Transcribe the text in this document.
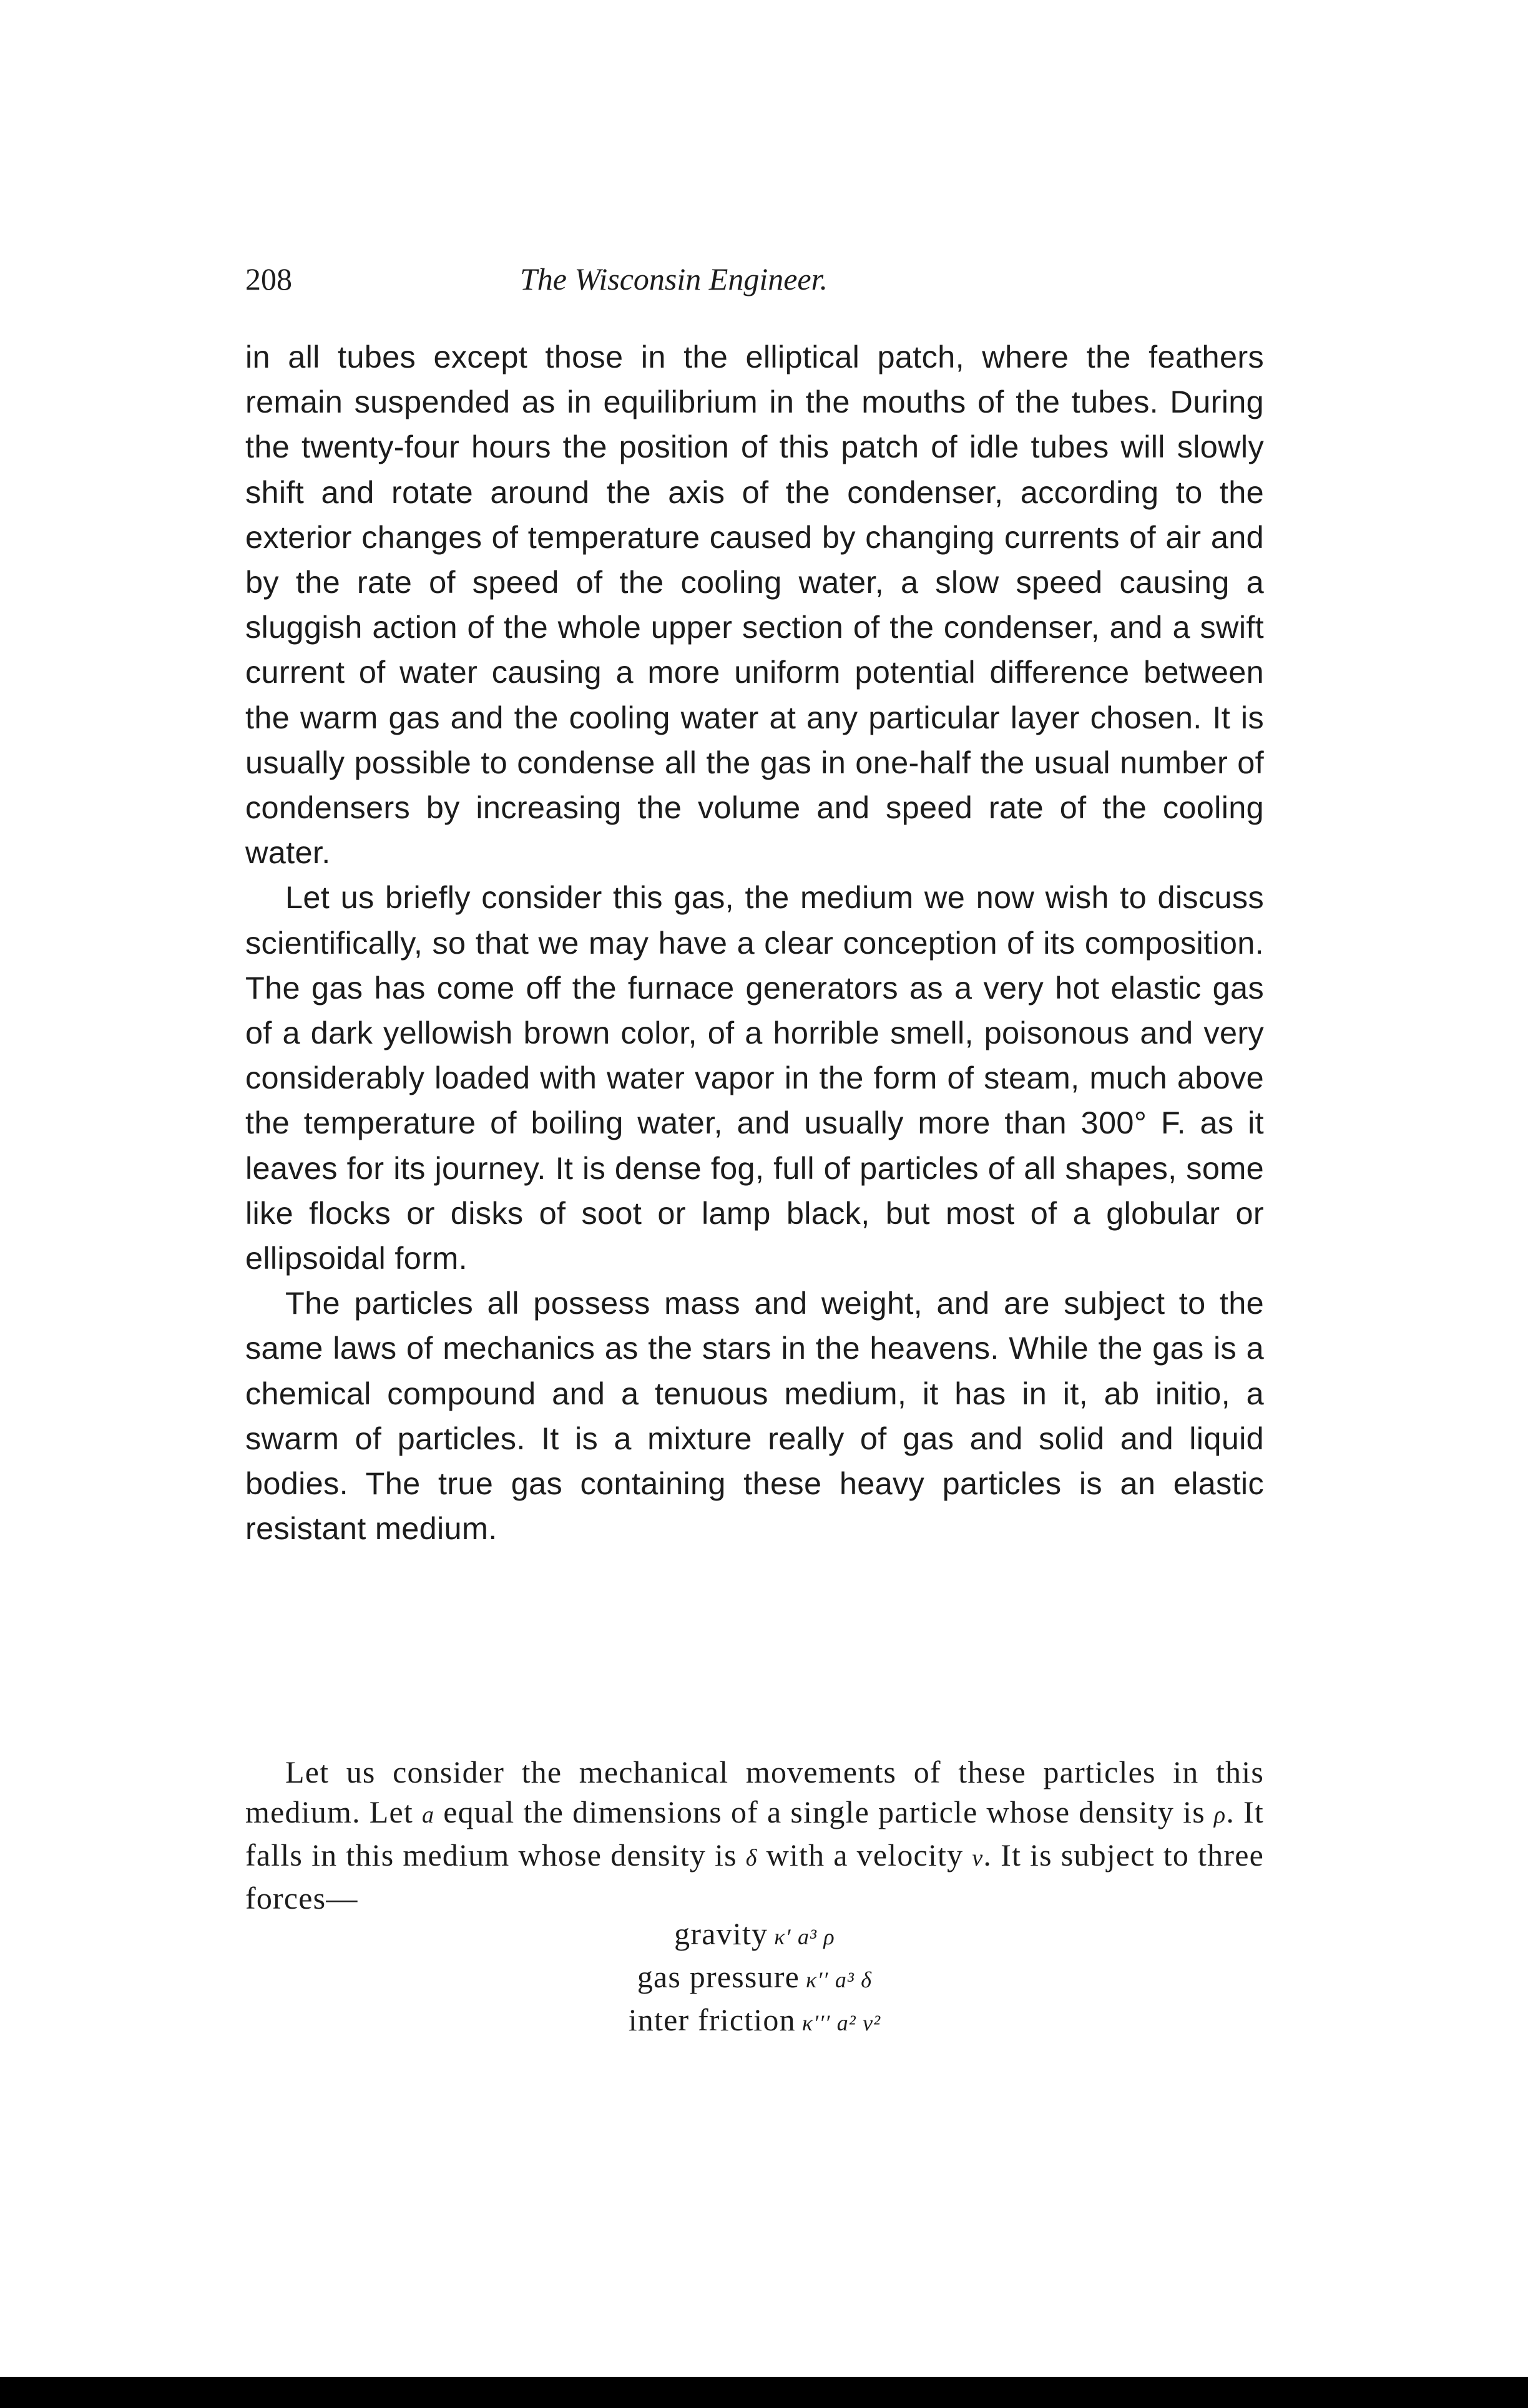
208	The Wisconsin Engineer.

in all tubes except those in the elliptical patch, where the feathers remain suspended as in equilibrium in the mouths of the tubes. During the twenty-four hours the position of this patch of idle tubes will slowly shift and rotate around the axis of the condenser, according to the exterior changes of temperature caused by changing currents of air and by the rate of speed of the cooling water, a slow speed causing a sluggish action of the whole upper section of the condenser, and a swift current of water causing a more uniform potential difference between the warm gas and the cooling water at any particular layer chosen. It is usually possible to condense all the gas in one-half the usual number of condensers by increasing the volume and speed rate of the cooling water.

Let us briefly consider this gas, the medium we now wish to discuss scientifically, so that we may have a clear conception of its composition. The gas has come off the furnace generators as a very hot elastic gas of a dark yellowish brown color, of a horrible smell, poisonous and very considerably loaded with water vapor in the form of steam, much above the temperature of boiling water, and usually more than 300° F. as it leaves for its journey. It is dense fog, full of particles of all shapes, some like flocks or disks of soot or lamp black, but most of a globular or ellipsoidal form.

The particles all possess mass and weight, and are subject to the same laws of mechanics as the stars in the heavens. While the gas is a chemical compound and a tenuous medium, it has in it, ab initio, a swarm of particles. It is a mixture really of gas and solid and liquid bodies. The true gas containing these heavy particles is an elastic resistant medium.

Let us consider the mechanical movements of these particles in this medium. Let a equal the dimensions of a single particle whose density is ρ. It falls in this medium whose density is δ with a velocity v. It is subject to three forces—

gravity κ′ a³ ρ
gas pressure κ′′ a³ δ
inter friction κ′′′ a² v²
